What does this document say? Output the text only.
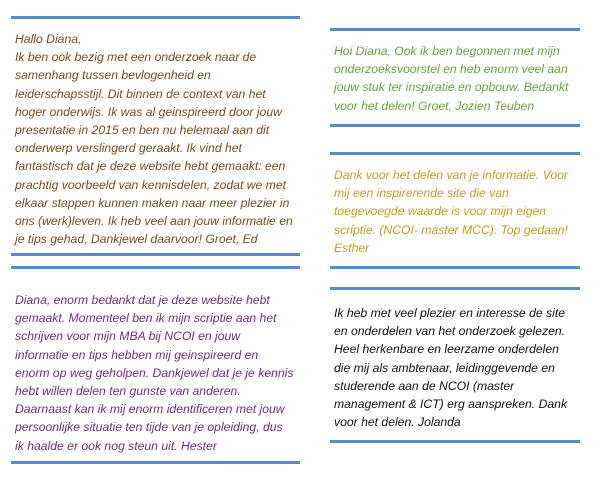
Hallo Diana,
Ik ben ook bezig met een onderzoek naar de
samenhang tussen bevlogenheid en
leiderschapsstijl. Dit binnen de context van het
hoger onderwijs. Ik was al geinspireerd door jouw
presentatie in 2015 en ben nu helemaal aan dit
onderwerp verslingerd geraakt. Ik vind het
fantastisch dat je deze website hebt gemaakt: een
prachtig voorbeeld van kennisdelen, zodat we met
elkaar stappen kunnen maken naar meer plezier in
ons (werk)leven. Ik heb veel aan jouw informatie en
je tips gehad, Dankjewel daarvoor! Groet, Ed

Hoi Diana, Ook ik ben begonnen met mijn
onderzoeksvoorstel en heb enorm veel aan
jouw stuk ter inspiratie en opbouw. Bedankt
voor het delen! Groet, Jozien Teuben

Dank voor het delen van je informatie. Voor
mij een inspirerende site die van
toegevoegde waarde is voor mijn eigen
scriptie. (NCOI- master MCC). Top gedaan!
Esther

Diana, enorm bedankt dat je deze website hebt
gemaakt. Momenteel ben ik mijn scriptie aan het
schrijven voor mijn MBA bij NCOI en jouw
informatie en tips hebben mij geinspireerd en
enorm op weg geholpen. Dankjewel dat je je kennis
hebt willen delen ten gunste van anderen.
Daarnaast kan ik mij enorm identificeren met jouw
persoonlijke situatie ten tijde van je opleiding, dus
ik haalde er ook nog steun uit. Hester

Ik heb met veel plezier en interesse de site
en onderdelen van het onderzoek gelezen.
Heel herkenbare en leerzame onderdelen
die mij als ambtenaar, leidinggevende en
studerende aan de NCOI (master
management & ICT) erg aanspreken. Dank
voor het delen. Jolanda
